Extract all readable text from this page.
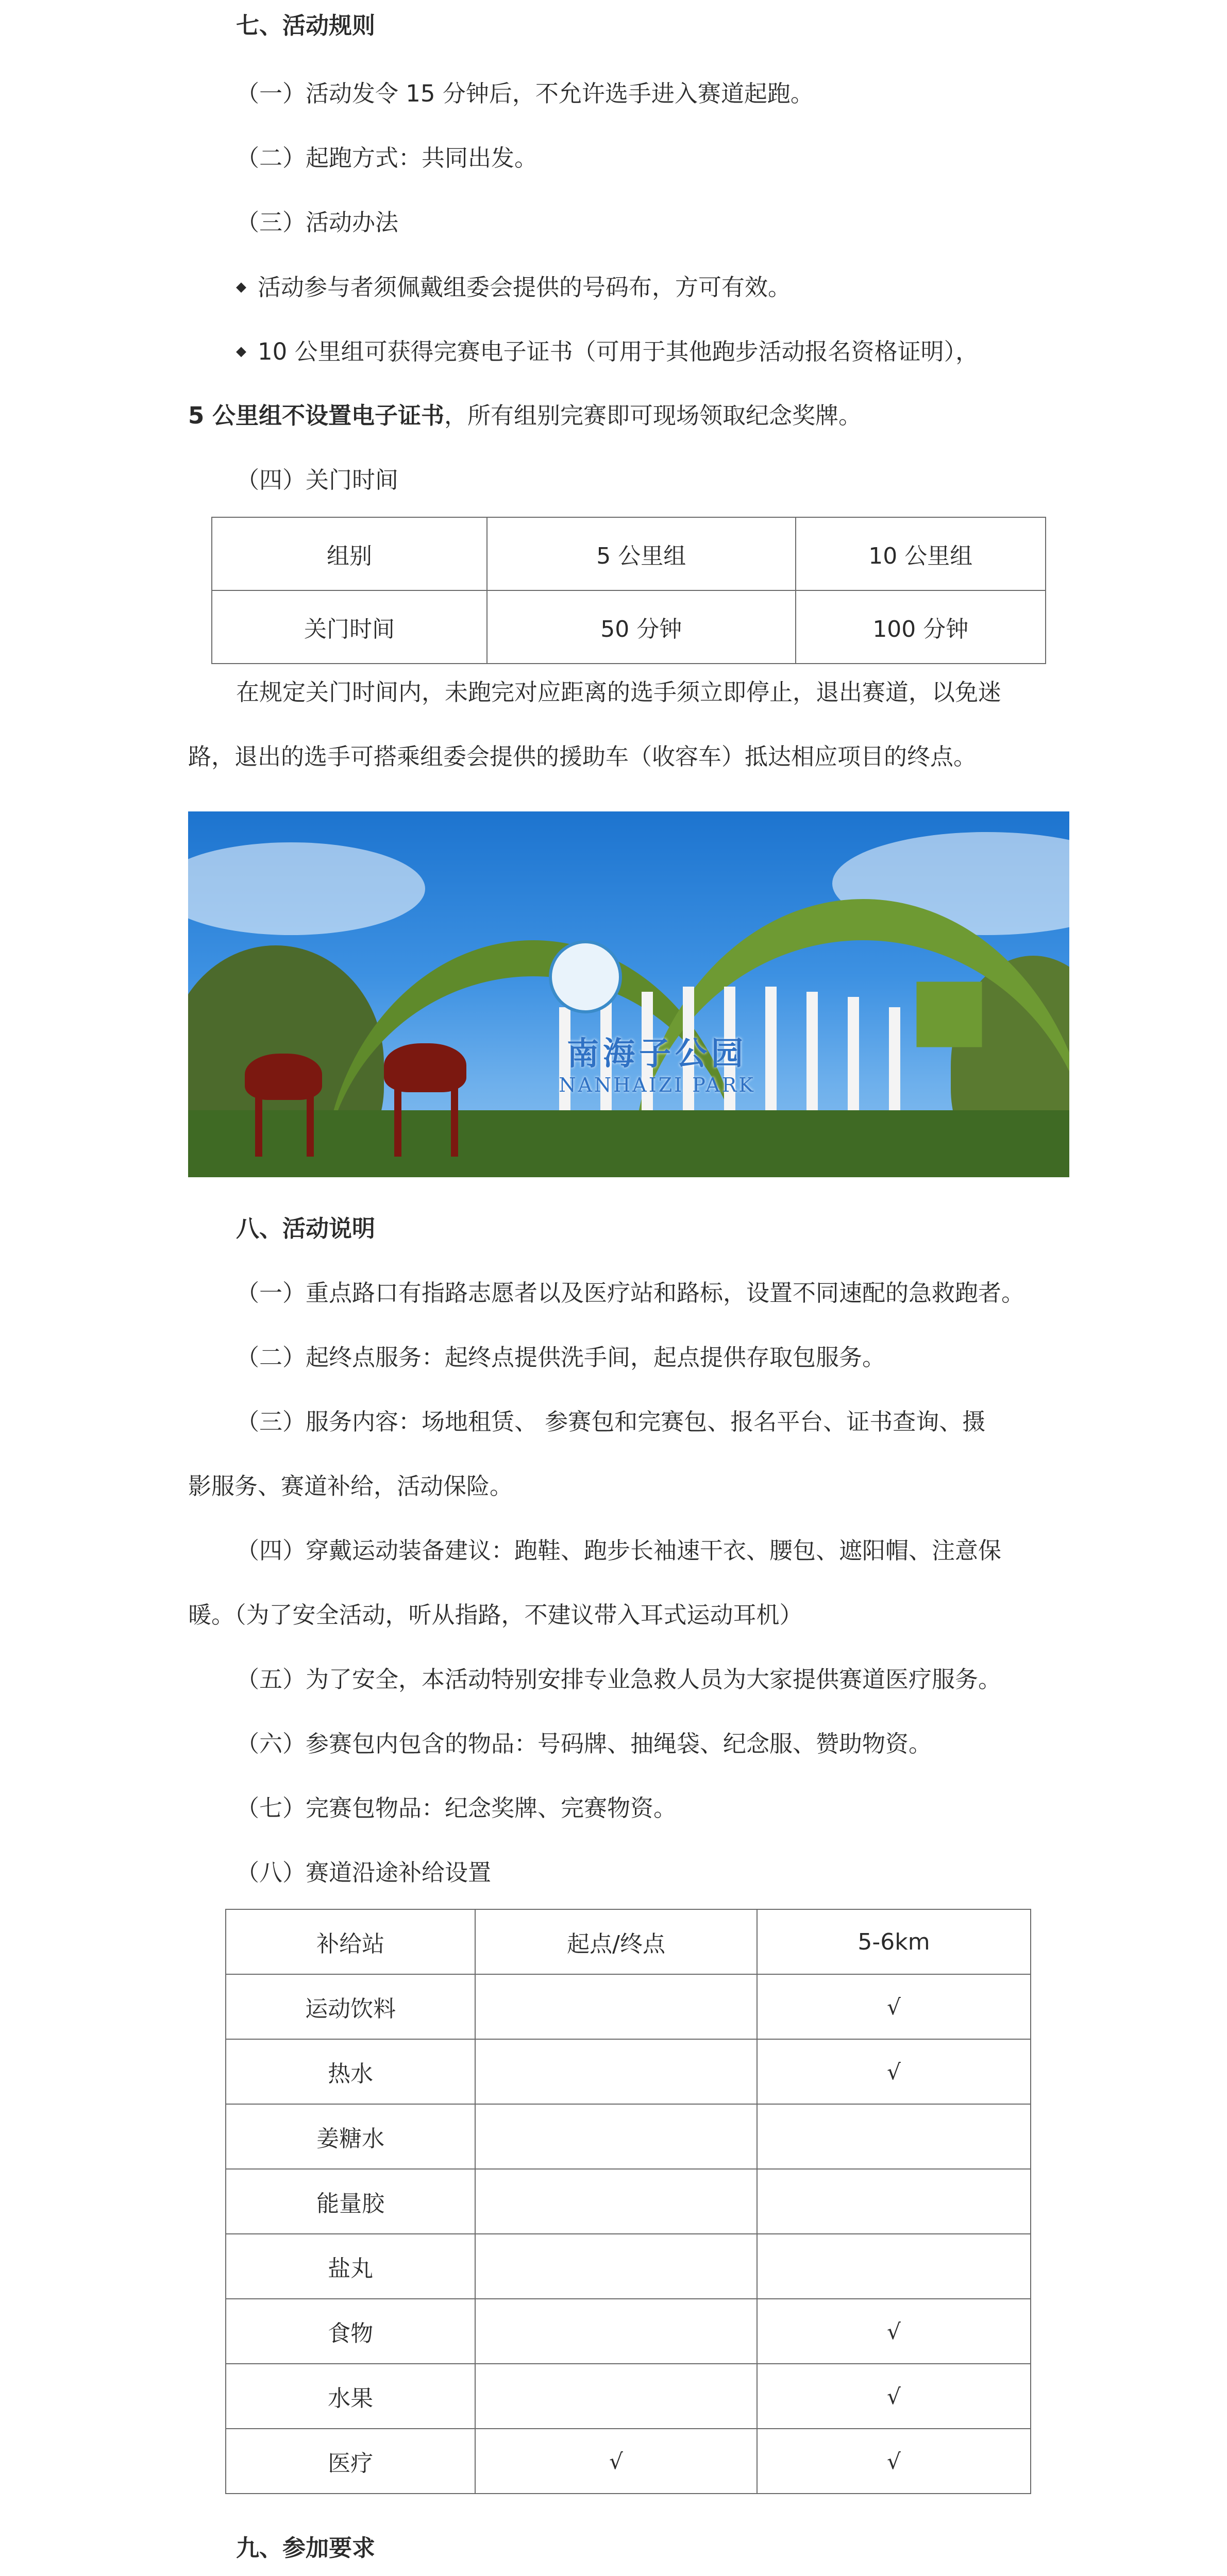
七、活动规则

（一）活动发令 15 分钟后，不允许选手进入赛道起跑。

（二）起跑方式：共同出发。

（三）活动办法

◆ 活动参与者须佩戴组委会提供的号码布，方可有效。

◆ 10 公里组可获得完赛电子证书（可用于其他跑步活动报名资格证明），

5 公里组不设置电子证书，所有组别完赛即可现场领取纪念奖牌。

（四）关门时间

组别	5 公里组	10 公里组
关门时间	50 分钟	100 分钟

在规定关门时间内，未跑完对应距离的选手须立即停止，退出赛道，以免迷

路，退出的选手可搭乘组委会提供的援助车（收容车）抵达相应项目的终点。

南海子公园
NANHAIZI PARK

八、活动说明

（一）重点路口有指路志愿者以及医疗站和路标，设置不同速配的急救跑者。

（二）起终点服务：起终点提供洗手间，起点提供存取包服务。

（三）服务内容：场地租赁、 参赛包和完赛包、报名平台、证书查询、摄

影服务、赛道补给，活动保险。

（四）穿戴运动装备建议：跑鞋、跑步长袖速干衣、腰包、遮阳帽、注意保

暖。（为了安全活动，听从指路，不建议带入耳式运动耳机）

（五）为了安全，本活动特别安排专业急救人员为大家提供赛道医疗服务。

（六）参赛包内包含的物品：号码牌、抽绳袋、纪念服、赞助物资。

（七）完赛包物品：纪念奖牌、完赛物资。

（八）赛道沿途补给设置

补给站	起点/终点	5-6km
运动饮料		√
热水		√
姜糖水		
能量胶		
盐丸		
食物		√
水果		√
医疗	√	√

九、参加要求
